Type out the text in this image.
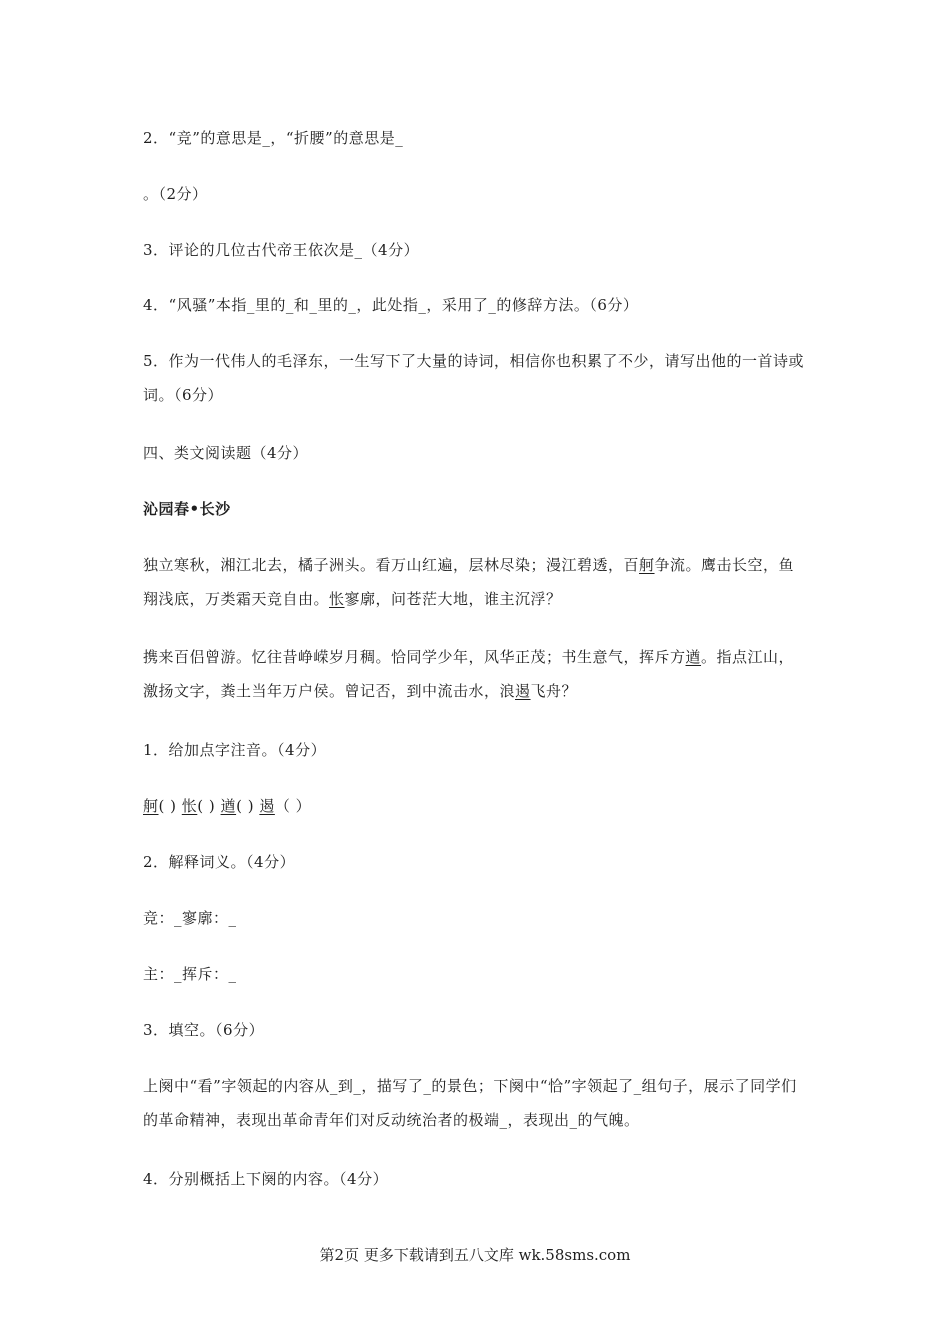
2．“竞”的意思是_，“折腰”的意思是_

。（2分）

3．评论的几位古代帝王依次是_（4分）

4．“风骚”本指_里的_和_里的_，此处指_，采用了_的修辞方法。（6分）

5．作为一代伟人的毛泽东，一生写下了大量的诗词，相信你也积累了不少，请写出他的一首诗或词。（6分）

四、类文阅读题（4分）

沁园春•长沙

独立寒秋，湘江北去，橘子洲头。看万山红遍，层林尽染；漫江碧透，百舸争流。鹰击长空，鱼翔浅底，万类霜天竞自由。怅寥廓，问苍茫大地，谁主沉浮？

携来百侣曾游。忆往昔峥嵘岁月稠。恰同学少年，风华正茂；书生意气，挥斥方遒。指点江山，激扬文字，粪土当年万户侯。曾记否，到中流击水，浪遏飞舟？

1．给加点字注音。（4分）

舸( ) 怅( ) 遒( ) 遏（ ）

2．解释词义。（4分）

竞：_寥廓：_

主：_挥斥：_

3．填空。（6分）

上阕中“看”字领起的内容从_到_，描写了_的景色；下阕中“恰”字领起了_组句子，展示了同学们的革命精神，表现出革命青年们对反动统治者的极端_，表现出_的气魄。

4．分别概括上下阕的内容。（4分）

第2页 更多下载请到五八文库 wk.58sms.com
